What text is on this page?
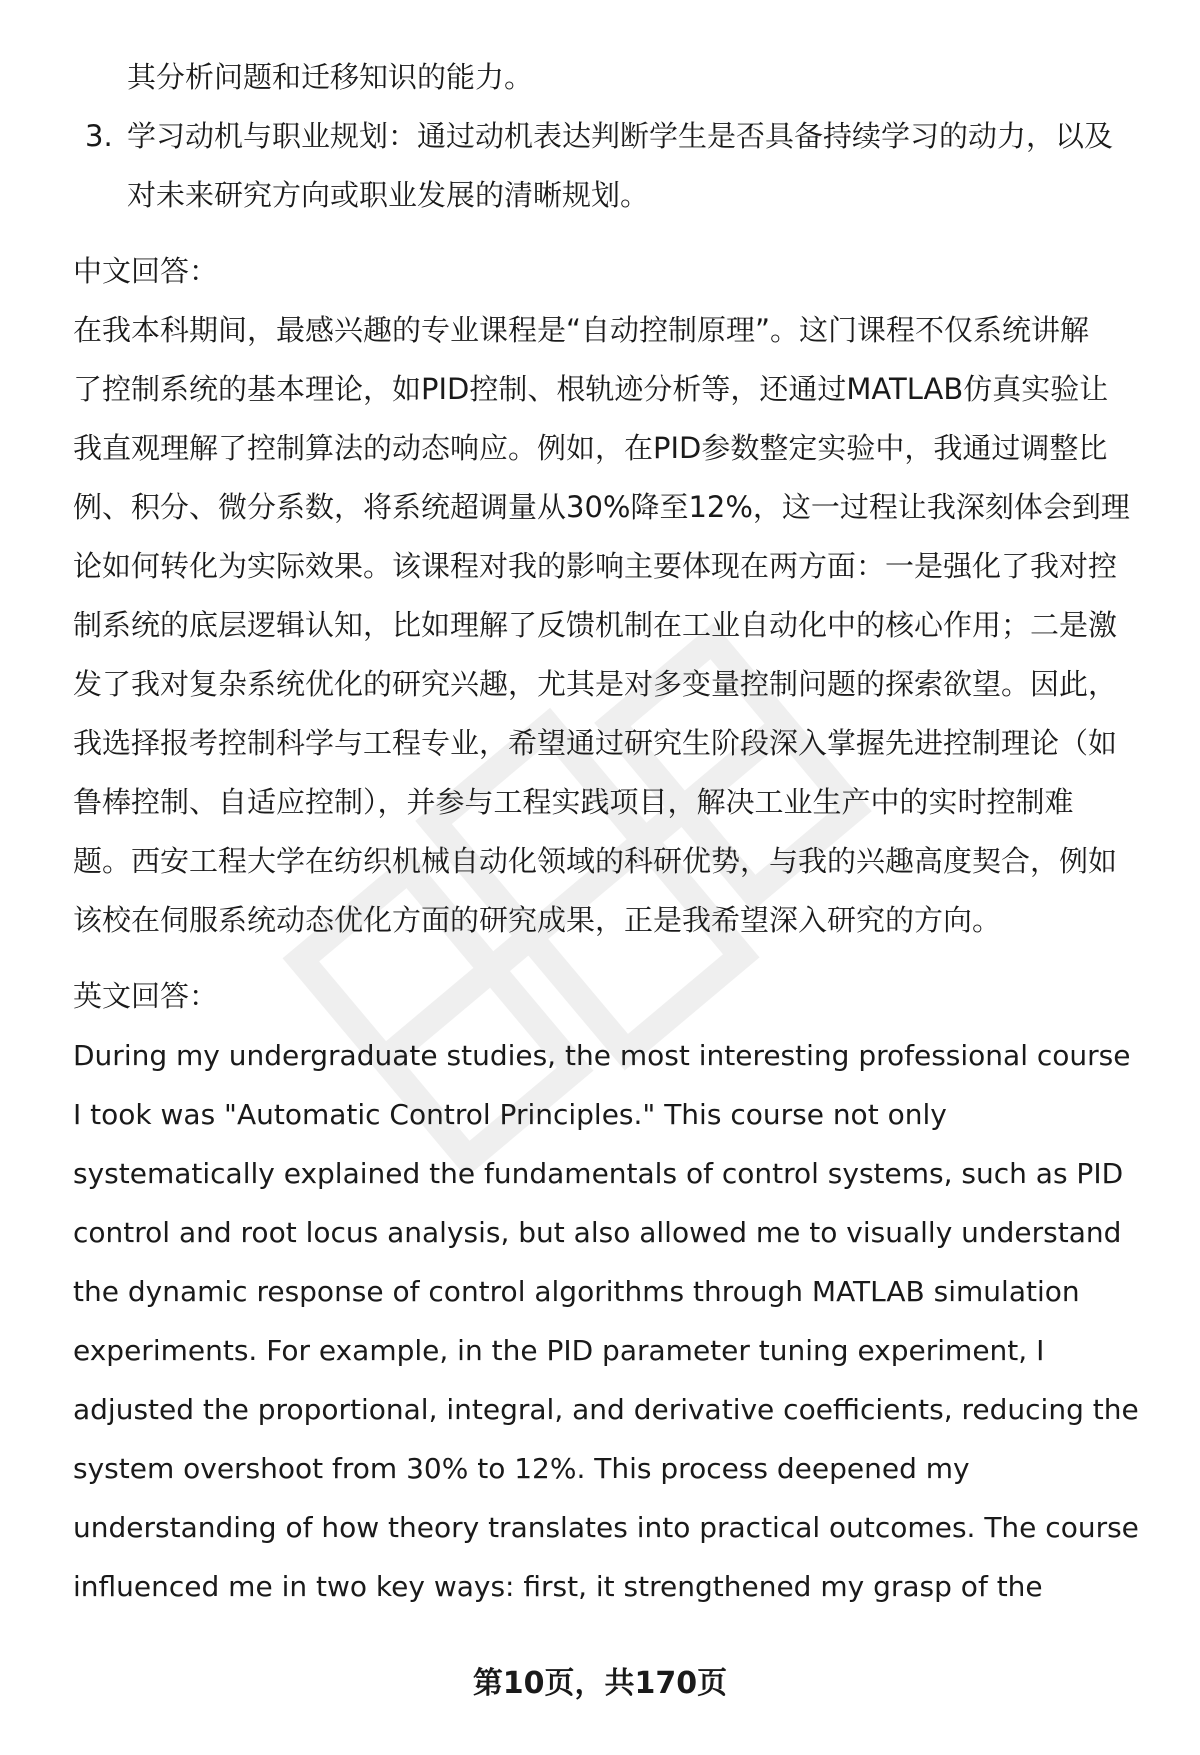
其分析问题和迁移知识的能力。

3. 学习动机与职业规划：通过动机表达判断学生是否具备持续学习的动力，以及

对未来研究方向或职业发展的清晰规划。

中文回答：

在我本科期间，最感兴趣的专业课程是“自动控制原理”。这门课程不仅系统讲解

了控制系统的基本理论，如PID控制、根轨迹分析等，还通过MATLAB仿真实验让

我直观理解了控制算法的动态响应。例如，在PID参数整定实验中，我通过调整比

例、积分、微分系数，将系统超调量从30%降至12%，这一过程让我深刻体会到理

论如何转化为实际效果。该课程对我的影响主要体现在两方面：一是强化了我对控

制系统的底层逻辑认知，比如理解了反馈机制在工业自动化中的核心作用；二是激

发了我对复杂系统优化的研究兴趣，尤其是对多变量控制问题的探索欲望。因此，

我选择报考控制科学与工程专业，希望通过研究生阶段深入掌握先进控制理论（如

鲁棒控制、自适应控制），并参与工程实践项目，解决工业生产中的实时控制难

题。西安工程大学在纺织机械自动化领域的科研优势，与我的兴趣高度契合，例如

该校在伺服系统动态优化方面的研究成果，正是我希望深入研究的方向。

英文回答：

During my undergraduate studies, the most interesting professional course

I took was "Automatic Control Principles." This course not only

systematically explained the fundamentals of control systems, such as PID

control and root locus analysis, but also allowed me to visually understand

the dynamic response of control algorithms through MATLAB simulation

experiments. For example, in the PID parameter tuning experiment, I

adjusted the proportional, integral, and derivative coefficients, reducing the

system overshoot from 30% to 12%. This process deepened my

understanding of how theory translates into practical outcomes. The course

influenced me in two key ways: first, it strengthened my grasp of the

第10页，共170页
